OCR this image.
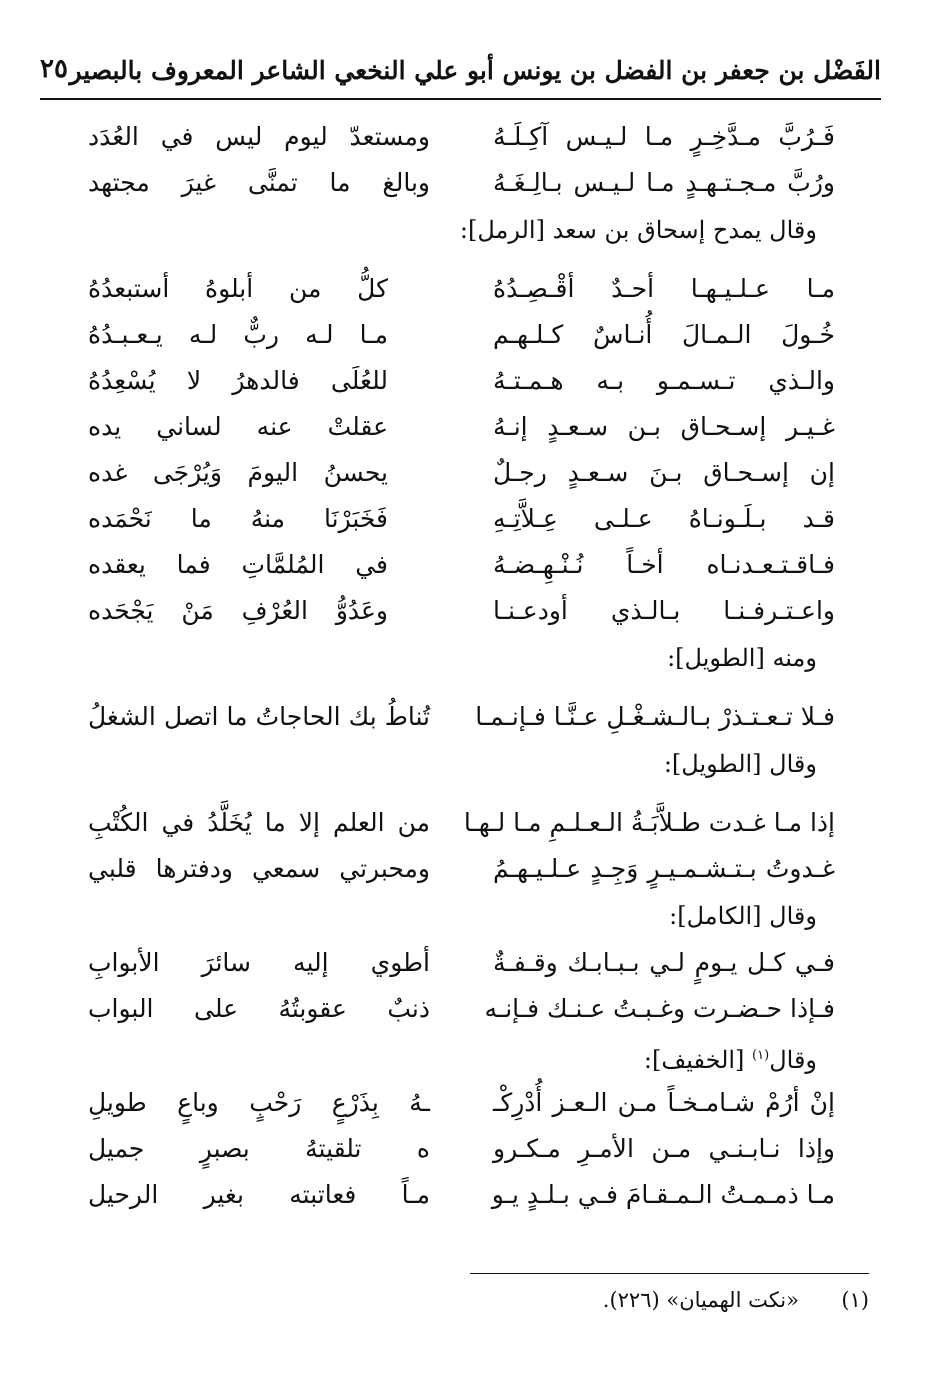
الفَضْل بن جعفر بن الفضل بن يونس أبو علي النخعي الشاعر المعروف بالبصير
٢٥
فَـرُبَّ مـدَّخِـرٍ مـا لـيـس آكِـلَـهُ
ومستعدّ ليوم ليس في العُدَد
ورُبَّ مـجـتـهـدٍ مـا لـيـس بـالِـغَـهُ
وبالغ ما تمنَّى غيرَ مجتهد
وقال يمدح إسحاق بن سعد [الرمل]:
مـا عـلـيـهـا أحـدٌ أقْـصِـدُهُ
كلُّ من أبلوهُ أستبعدُهُ
خُـولَ الـمـالَ أُنـاسٌ كـلـهـم
مـا لـه ربٌّ لـه يـعـبـدُهُ
والـذي تـسـمـو بـه هـمـتـهُ
للعُلَى فالدهرُ لا يُسْعِدُهُ
غـيـر إسـحـاق بـن سـعـدٍ إنـهُ
عقلتْ عنه لساني يده
إن إسـحـاق بـنَ سـعـدٍ رجـلٌ
يحسنُ اليومَ وَيُرْجَى غده
قـد بـلَـونـاهُ عـلـى عِـلاَّتِـهِ
فَخَبَرْنَا منهُ ما نَحْمَده
فـاقـتـعـدنـاه أخـاً نُـنْـهِـضـهُ
في المُلمَّاتِ فما يعقده
واعـتـرفـنـا بـالـذي أودعـنـا
وعَدُوُّ العُرْفِ مَنْ يَجْحَده
ومنه [الطويل]:
فـلا تـعـتـذرْ بـالـشـغْـلِ عـنَّـا فـإنـمـا
تُناطُ بك الحاجاتُ ما اتصل الشغلُ
وقال [الطويل]:
إذا مـا غـدت طـلاَّبَـةُ الـعـلـمِ مـا لـهـا
من العلم إلا ما يُخَلَّدُ في الكُتْبِ
غـدوتُ بـتـشـمـيـرٍ وَجِـدٍ عـلـيـهـمُ
ومحبرتي سمعي ودفترها قلبي
وقال [الكامل]:
فـي كـل يـومٍ لـي بـبـابـك وقـفـةٌ
أطوي إليه سائرَ الأبوابِ
فـإذا حـضـرت وغـبـتُ عـنـك فـإنـه
ذنبٌ عقوبتُهُ على البواب
وقال$^{(١)}$ [الخفيف]:
إنْ أرُمْ شـامـخـاً مـن الـعـز أُدْرِكْـ
ـهُ بِذَرْعٍ رَحْبٍ وباعٍ طويلِ
وإذا نـابـنـي مـن الأمـرِ مـكـرو
ه تلقيتهُ بصبرٍ جميل
مـا ذمـمـتُ الـمـقـامَ فـي بـلـدٍ يـو
مـاً فعاتبته بغير الرحيل
(١)«نكت الهميان» (٢٢٦).
